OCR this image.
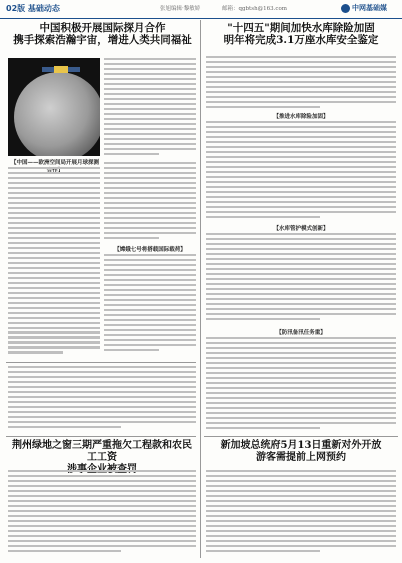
02版 基础动态	张旭编辑·黎敏娇	邮箱：qgbtsh@163.com	中网基础媒
中国积极开展国际探月合作
携手探索浩瀚宇宙，增进人类共同福祉
【中国——欧洲空间局开展月球探测
【嫦娥七号将搭载国际载荷】
荆州绿地之窗三期严重拖欠工程款和农民工工资

"十四五"期间加快水库除险加固
明年将完成3.1万座水库安全鉴定
【推进水库除险加固】
【水库管护模式创新】
【防汛备汛任务重】
新加坡总统府5月13日重新对外开放
游客需提前上网预约
